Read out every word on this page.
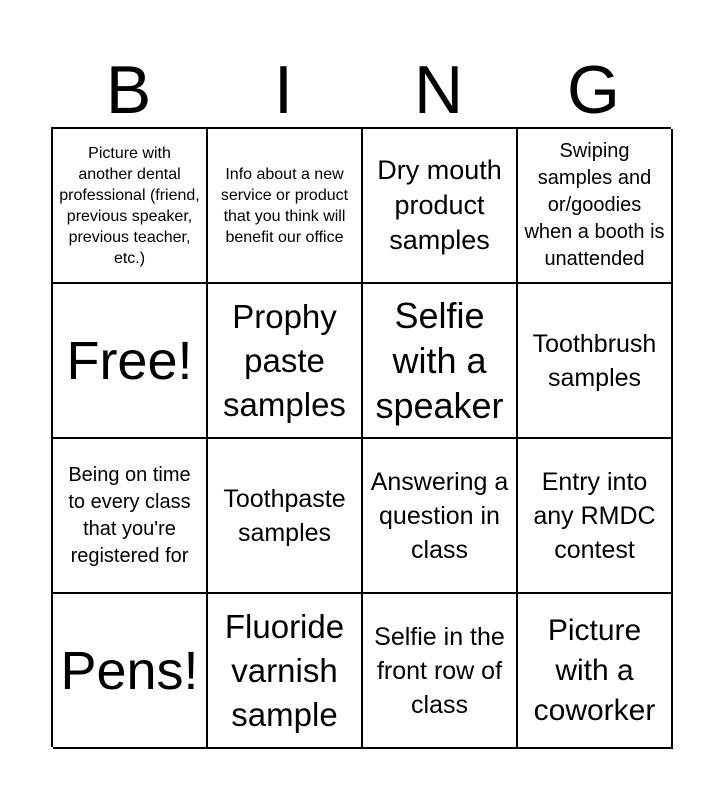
B	I	N	G
Picture with another dental professional (friend, previous speaker, previous teacher, etc.)
Info about a new service or product that you think will benefit our office
Dry mouth product samples
Swiping samples and or/goodies when a booth is unattended
Free!
Prophy paste samples
Selfie with a speaker
Toothbrush samples
Being on time to every class that you're registered for
Toothpaste samples
Answering a question in class
Entry into any RMDC contest
Pens!
Fluoride varnish sample
Selfie in the front row of class
Picture with a coworker
